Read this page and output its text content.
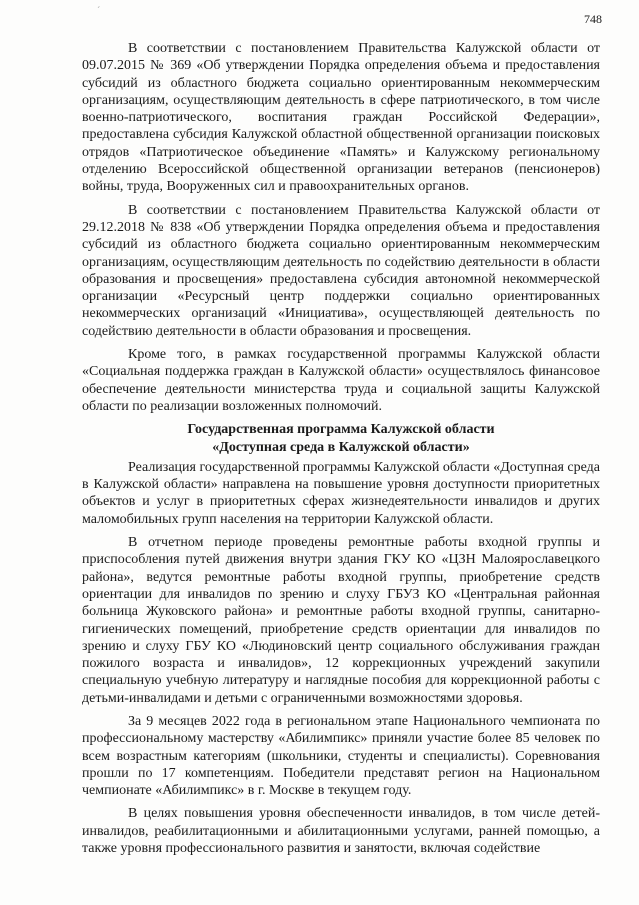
´
748

В соответствии с постановлением Правительства Калужской области от 09.07.2015 № 369 «Об утверждении Порядка определения объема и предоставления субсидий из областного бюджета социально ориентированным некоммерческим организациям, осуществляющим деятельность в сфере патриотического, в том числе военно-патриотического, воспитания граждан Российской Федерации», предоставлена субсидия Калужской областной общественной организации поисковых отрядов «Патриотическое объединение «Память» и Калужскому региональному отделению Всероссийской общественной организации ветеранов (пенсионеров) войны, труда, Вооруженных сил и правоохранительных органов.

В соответствии с постановлением Правительства Калужской области от 29.12.2018 № 838 «Об утверждении Порядка определения объема и предоставления субсидий из областного бюджета социально ориентированным некоммерческим организациям, осуществляющим деятельность по содействию деятельности в области образования и просвещения» предоставлена субсидия автономной некоммерческой организации «Ресурсный центр поддержки социально ориентированных некоммерческих организаций «Инициатива», осуществляющей деятельность по содействию деятельности в области образования и просвещения.

Кроме того, в рамках государственной программы Калужской области «Социальная поддержка граждан в Калужской области» осуществлялось финансовое обеспечение деятельности министерства труда и социальной защиты Калужской области по реализации возложенных полномочий.

Государственная программа Калужской области
«Доступная среда в Калужской области»

Реализация государственной программы Калужской области «Доступная среда в Калужской области» направлена на повышение уровня доступности приоритетных объектов и услуг в приоритетных сферах жизнедеятельности инвалидов и других маломобильных групп населения на территории Калужской области.

В отчетном периоде проведены ремонтные работы входной группы и приспособления путей движения внутри здания ГКУ КО «ЦЗН Малоярославецкого района», ведутся ремонтные работы входной группы, приобретение средств ориентации для инвалидов по зрению и слуху ГБУЗ КО «Центральная районная больница Жуковского района» и ремонтные работы входной группы, санитарно-гигиенических помещений, приобретение средств ориентации для инвалидов по зрению и слуху ГБУ КО «Людиновский центр социального обслуживания граждан пожилого возраста и инвалидов», 12 коррекционных учреждений закупили специальную учебную литературу и наглядные пособия для коррекционной работы с детьми-инвалидами и детьми с ограниченными возможностями здоровья.

За 9 месяцев 2022 года в региональном этапе Национального чемпионата по профессиональному мастерству «Абилимпикс» приняли участие более 85 человек по всем возрастным категориям (школьники, студенты и специалисты). Соревнования прошли по 17 компетенциям. Победители представят регион на Национальном чемпионате «Абилимпикс» в г. Москве в текущем году.

В целях повышения уровня обеспеченности инвалидов, в том числе детей-инвалидов, реабилитационными и абилитационными услугами, ранней помощью, а также уровня профессионального развития и занятости, включая содействие
